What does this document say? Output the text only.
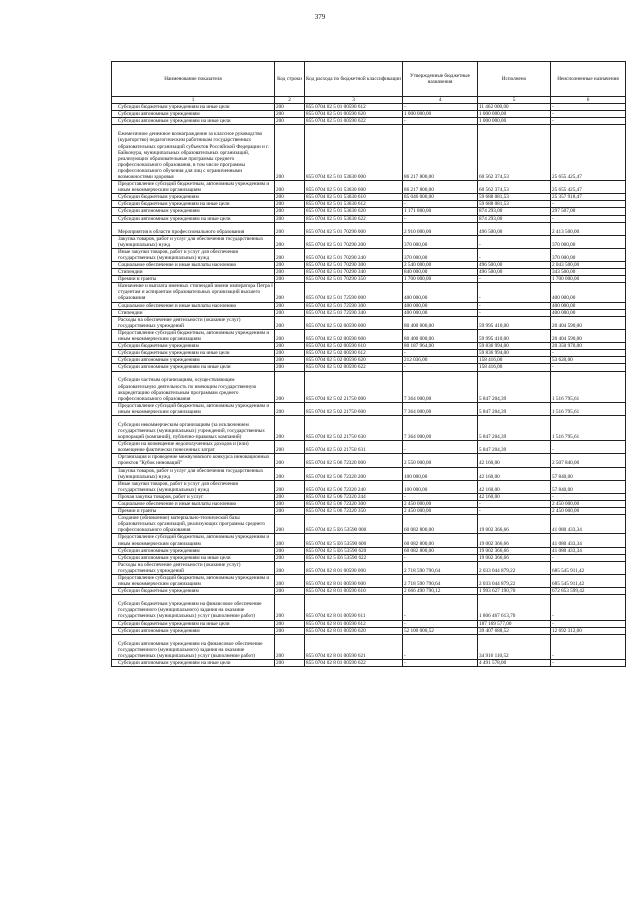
379
Наименование показателя	Код строки	Код расхода по бюджетной классификации	Утвержденные бюджетные назначения	Исполнено	Неисполненные назначения
1	2	3	4	5	6
Субсидии бюджетным учреждениям на иные цели	200	855 0704 02 5 01 00590 612	-	11 462 000,00	-
Субсидии автономным учреждениям	200	855 0704 02 5 01 00590 620	1 000 000,00	1 000 000,00	-
Субсидии автономным учреждениям на иные цели	200	855 0704 02 5 01 00590 622	-	1 000 000,00	-
Ежемесячное денежное вознаграждение за классное руководство (кураторство) педагогическим работникам государственных образовательных организаций субъектов Российской Федерации и г. Байконура, муниципальных образовательных организаций, реализующих образовательные программы среднего профессионального образования, в том числе программы профессионального обучения для лиц с ограниченными возможностями здоровья	200	855 0704 02 5 01 53630 000	86 217 800,00	60 562 374,53	25 655 425,47
Предоставление субсидий бюджетным, автономным учреждениям и иным некоммерческим организациям	200	855 0704 02 5 01 53630 600	86 217 800,00	60 562 374,53	25 655 425,47
Субсидии бюджетным учреждениям	200	855 0704 02 5 01 53630 610	85 046 000,00	59 688 081,53	25 357 918,47
Субсидии бюджетным учреждениям на иные цели	200	855 0704 02 5 01 53630 612	-	59 688 081,53	-
Субсидии автономным учреждениям	200	855 0704 02 5 01 53630 620	1 171 800,00	874 293,00	297 507,00
Субсидии автономным учреждениям на иные цели	200	855 0704 02 5 01 53630 622	-	874 293,00	-
Мероприятия в области профессионального образования	200	855 0704 02 5 01 70290 000	2 910 000,00	496 500,00	2 413 500,00
Закупка товаров, работ и услуг для обеспечения государственных (муниципальных) нужд	200	855 0704 02 5 01 70290 200	370 000,00	-	370 000,00
Иные закупки товаров, работ и услуг для обеспечения государственных (муниципальных) нужд	200	855 0704 02 5 01 70290 240	370 000,00	-	370 000,00
Социальное обеспечение и иные выплаты населению	200	855 0704 02 5 01 70290 300	2 540 000,00	496 500,00	2 043 500,00
Стипендии	200	855 0704 02 5 01 70290 340	840 000,00	496 500,00	343 500,00
Премии и гранты	200	855 0704 02 5 01 70290 350	1 700 000,00	-	1 700 000,00
Назначение и выплата именных стипендий имени императора Петра I студентам и аспирантам образовательных организаций высшего образования	200	855 0704 02 5 01 72590 000	400 000,00	-	400 000,00
Социальное обеспечение и иные выплаты населению	200	855 0704 02 5 01 72590 300	400 000,00	-	400 000,00
Стипендии	200	855 0704 02 5 01 72590 340	400 000,00	-	400 000,00
Расходы на обеспечение деятельности (оказание услуг) государственных учреждений	200	855 0704 02 5 02 00590 000	80 400 000,00	59 995 410,00	20 404 590,00
Предоставление субсидий бюджетным, автономным учреждениям и иным некоммерческим организациям	200	855 0704 02 5 02 00590 600	80 400 000,00	59 995 410,00	20 404 590,00
Субсидии бюджетным учреждениям	200	855 0704 02 5 02 00590 610	80 187 964,00	59 836 994,00	20 350 970,00
Субсидии бюджетным учреждениям на иные цели	200	855 0704 02 5 02 00590 612	-	59 836 994,00	-
Субсидии автономным учреждениям	200	855 0704 02 5 02 00590 620	212 036,00	158 416,00	53 620,00
Субсидии автономным учреждениям на иные цели	200	855 0704 02 5 02 00590 622	-	158 416,00	-
Субсидии частным организациям, осуществляющим образовательную деятельность по имеющим государственную аккредитацию образовательным программам среднего профессионального образования	200	855 0704 02 5 02 21750 000	7 364 000,00	5 847 204,39	1 516 795,61
Предоставление субсидий бюджетным, автономным учреждениям и иным некоммерческим организациям	200	855 0704 02 5 02 21750 600	7 364 000,00	5 847 204,39	1 516 795,61
Субсидии некоммерческим организациям (за исключением государственных (муниципальных) учреждений, государственных корпораций (компаний), публично-правовых компаний)	200	855 0704 02 5 02 21750 630	7 364 000,00	5 847 204,39	1 516 795,61
Субсидии на возмещение недополученных доходов и (или) возмещение фактически понесенных затрат	200	855 0704 02 5 02 21750 631	-	5 847 204,39	-
Организация и проведение межвузовского конкурса инновационных проектов "Кубок инноваций"	200	855 0704 02 5 06 72320 000	2 550 000,00	42 160,00	2 507 840,00
Закупка товаров, работ и услуг для обеспечения государственных (муниципальных) нужд	200	855 0704 02 5 06 72320 200	100 000,00	42 160,00	57 840,00
Иные закупки товаров, работ и услуг для обеспечения государственных (муниципальных) нужд	200	855 0704 02 5 06 72320 240	100 000,00	42 160,00	57 840,00
Прочая закупка товаров, работ и услуг	200	855 0704 02 5 06 72320 244	-	42 160,00	-
Социальное обеспечение и иные выплаты населению	200	855 0704 02 5 06 72320 300	2 450 000,00	-	2 450 000,00
Премии и гранты	200	855 0704 02 5 06 72320 350	2 450 000,00	-	2 450 000,00
Создание (обновление) материально-технической базы образовательных организаций, реализующих программы среднего профессионального образования	200	855 0704 02 5 E6 53590 000	60 082 800,00	19 002 366,66	41 080 433,34
Предоставление субсидий бюджетным, автономным учреждениям и иным некоммерческим организациям	200	855 0704 02 5 E6 53590 600	60 082 800,00	19 002 366,66	41 080 433,34
Субсидии автономным учреждениям	200	855 0704 02 5 E6 53590 620	60 082 800,00	19 002 366,66	41 080 433,34
Субсидии автономным учреждениям на иные цели	200	855 0704 02 5 E6 53590 622	-	19 002 366,66	-
Расходы на обеспечение деятельности (оказание услуг) государственных учреждений	200	855 0704 02 8 01 00590 000	2 718 590 790,64	2 033 044 879,22	685 545 911,42
Предоставление субсидий бюджетным, автономным учреждениям и иным некоммерческим организациям	200	855 0704 02 8 01 00590 600	2 718 590 790,64	2 033 044 879,22	685 545 911,42
Субсидии бюджетным учреждениям	200	855 0704 02 8 01 00590 610	2 666 490 790,12	1 993 627 190,70	672 853 599,42
Субсидии бюджетным учреждениям на финансовое обеспечение государственного (муниципального) задания на оказание государственных (муниципальных) услуг (выполнение работ)	200	855 0704 02 8 01 00590 611	-	1 806 467 613,70	-
Субсидии бюджетным учреждениям на иные цели	200	855 0704 02 8 01 00590 612	-	187 169 577,00	-
Субсидии автономным учреждениям	200	855 0704 02 8 01 00590 620	52 100 000,52	39 407 688,52	12 692 312,00
Субсидии автономным учреждениям на финансовое обеспечение государственного (муниципального) задания на оказание государственных (муниципальных) услуг (выполнение работ)	200	855 0704 02 8 01 00590 621	-	34 916 110,52	-
Субсидии автономным учреждениям на иные цели	200	855 0704 02 8 01 00590 622	-	4 491 578,00	-
